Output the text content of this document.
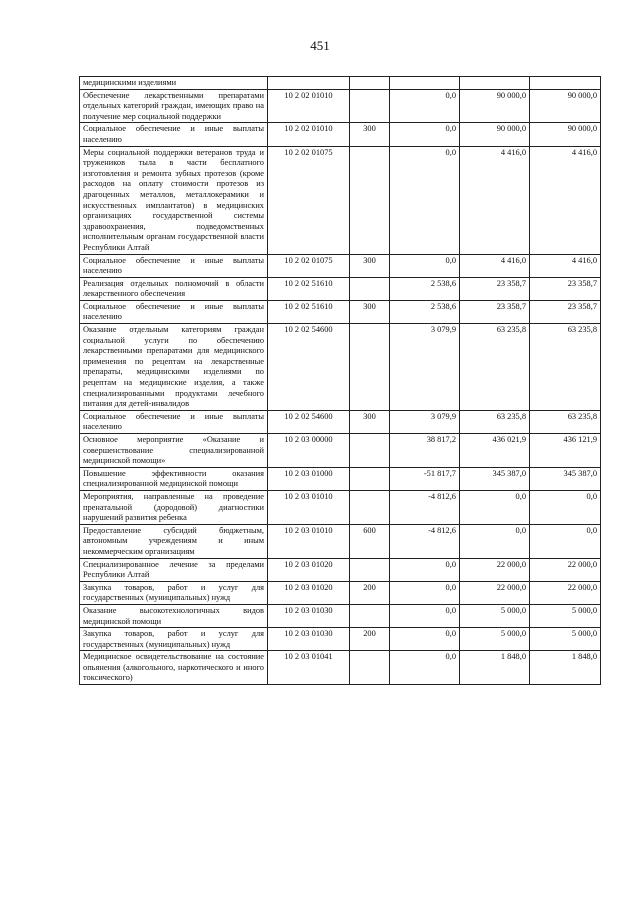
451
медицинскими изделиями					
Обеспечение лекарственными препаратами отдельных категорий граждан, имеющих право на получение мер социальной поддержки	10 2 02 01010		0,0	90 000,0	90 000,0
Социальное обеспечение и иные выплаты населению	10 2 02 01010	300	0,0	90 000,0	90 000,0
Меры социальной поддержки ветеранов труда и тружеников тыла в части бесплатного изготовления и ремонта зубных протезов (кроме расходов на оплату стоимости протезов из драгоценных металлов, металлокерамики и искусственных имплантатов) в медицинских организациях государственной системы здравоохранения, подведомственных исполнительным органам государственной власти Республики Алтай	10 2 02 01075		0,0	4 416,0	4 416,0
Социальное обеспечение и иные выплаты населению	10 2 02 01075	300	0,0	4 416,0	4 416,0
Реализация отдельных полномочий в области лекарственного обеспечения	10 2 02 51610		2 538,6	23 358,7	23 358,7
Социальное обеспечение и иные выплаты населению	10 2 02 51610	300	2 538,6	23 358,7	23 358,7
Оказание отдельным категориям граждан социальной услуги по обеспечению лекарственными препаратами для медицинского применения по рецептам на лекарственные препараты, медицинскими изделиями по рецептам на медицинские изделия, а также специализированными продуктами лечебного питания для детей-инвалидов	10 2 02 54600		3 079,9	63 235,8	63 235,8
Социальное обеспечение и иные выплаты населению	10 2 02 54600	300	3 079,9	63 235,8	63 235,8
Основное мероприятие «Оказание и совершенствование специализированной медицинской помощи»	10 2 03 00000		38 817,2	436 021,9	436 121,9
Повышение эффективности оказания специализированной медицинской помощи	10 2 03 01000		-51 817,7	345 387,0	345 387,0
Мероприятия, направленные на проведение пренатальной (дородовой) диагностики нарушений развития ребенка	10 2 03 01010		-4 812,6	0,0	0,0
Предоставление субсидий бюджетным, автономным учреждениям и иным некоммерческим организациям	10 2 03 01010	600	-4 812,6	0,0	0,0
Специализированное лечение за пределами Республики Алтай	10 2 03 01020		0,0	22 000,0	22 000,0
Закупка товаров, работ и услуг для государственных (муниципальных) нужд	10 2 03 01020	200	0,0	22 000,0	22 000,0
Оказание высокотехнологичных видов медицинской помощи	10 2 03 01030		0,0	5 000,0	5 000,0
Закупка товаров, работ и услуг для государственных (муниципальных) нужд	10 2 03 01030	200	0,0	5 000,0	5 000,0
Медицинское освидетельствование на состояние опьянения (алкогольного, наркотического и иного токсического)	10 2 03 01041		0,0	1 848,0	1 848,0
